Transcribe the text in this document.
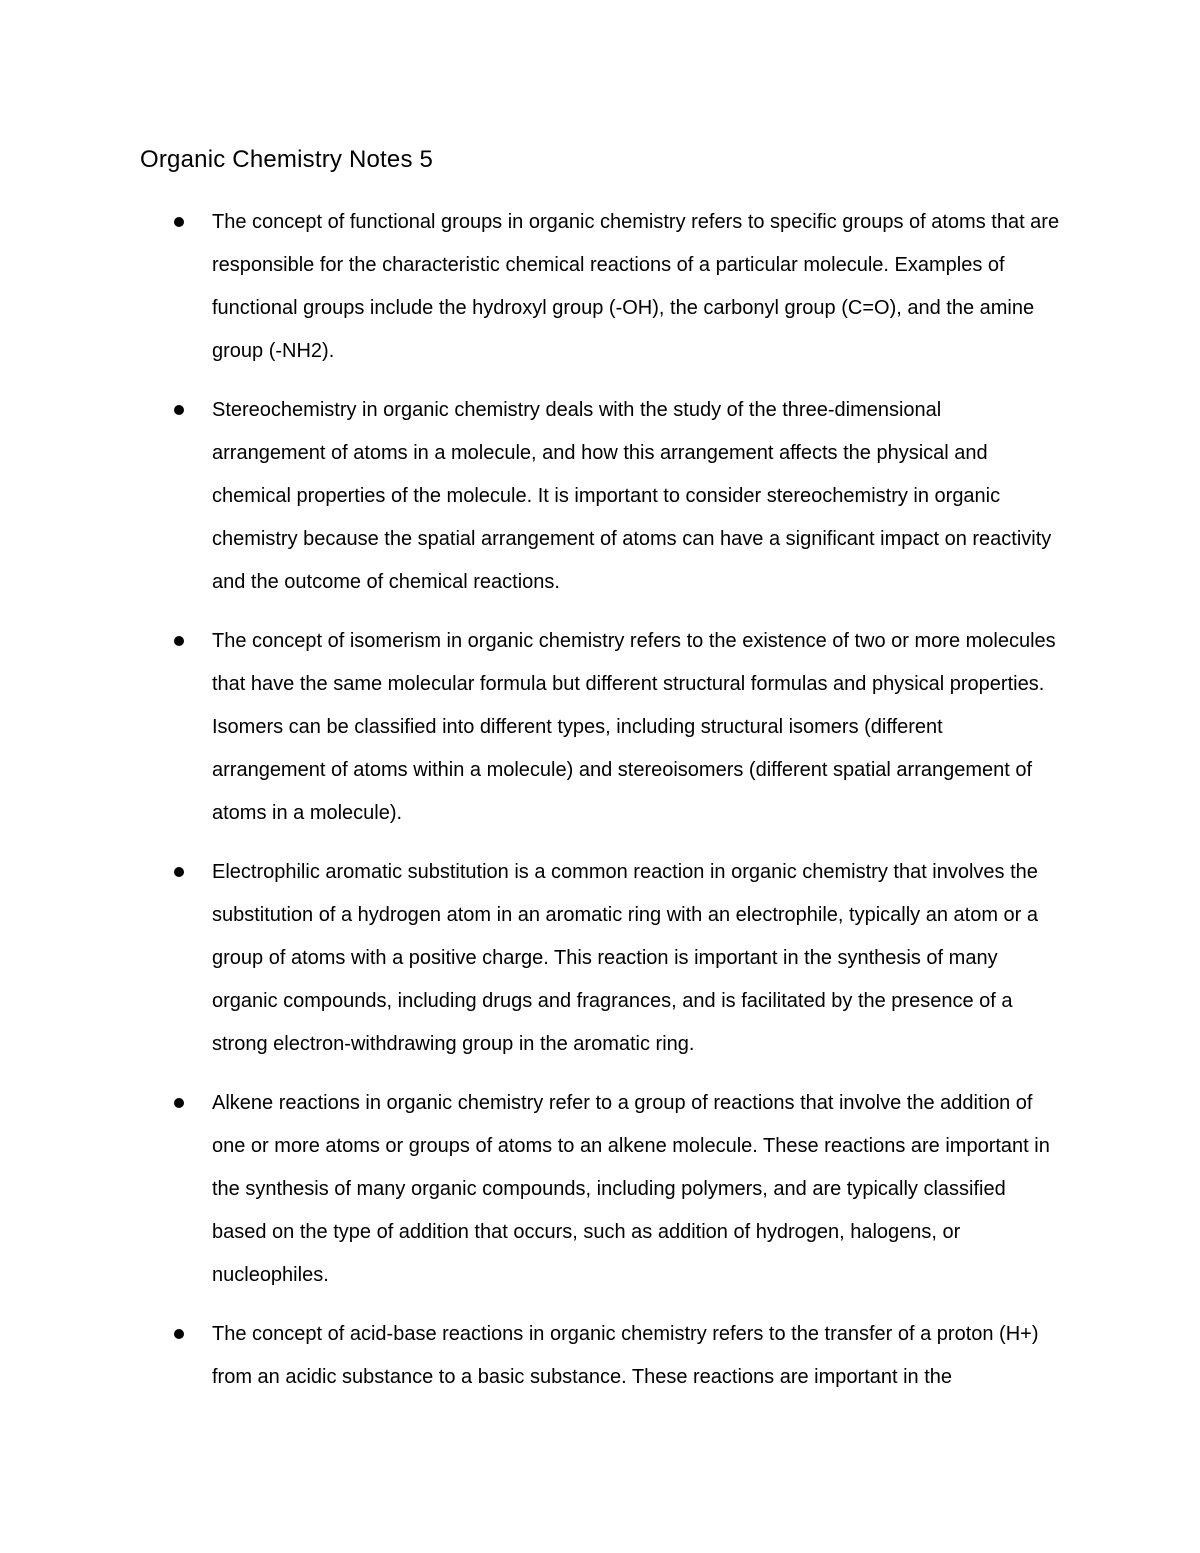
Organic Chemistry Notes 5
The concept of functional groups in organic chemistry refers to specific groups of atoms that are responsible for the characteristic chemical reactions of a particular molecule. Examples of functional groups include the hydroxyl group (-OH), the carbonyl group (C=O), and the amine group (-NH2).
Stereochemistry in organic chemistry deals with the study of the three-dimensional arrangement of atoms in a molecule, and how this arrangement affects the physical and chemical properties of the molecule. It is important to consider stereochemistry in organic chemistry because the spatial arrangement of atoms can have a significant impact on reactivity and the outcome of chemical reactions.
The concept of isomerism in organic chemistry refers to the existence of two or more molecules that have the same molecular formula but different structural formulas and physical properties. Isomers can be classified into different types, including structural isomers (different arrangement of atoms within a molecule) and stereoisomers (different spatial arrangement of atoms in a molecule).
Electrophilic aromatic substitution is a common reaction in organic chemistry that involves the substitution of a hydrogen atom in an aromatic ring with an electrophile, typically an atom or a group of atoms with a positive charge. This reaction is important in the synthesis of many organic compounds, including drugs and fragrances, and is facilitated by the presence of a strong electron-withdrawing group in the aromatic ring.
Alkene reactions in organic chemistry refer to a group of reactions that involve the addition of one or more atoms or groups of atoms to an alkene molecule. These reactions are important in the synthesis of many organic compounds, including polymers, and are typically classified based on the type of addition that occurs, such as addition of hydrogen, halogens, or nucleophiles.
The concept of acid-base reactions in organic chemistry refers to the transfer of a proton (H+) from an acidic substance to a basic substance. These reactions are important in the
